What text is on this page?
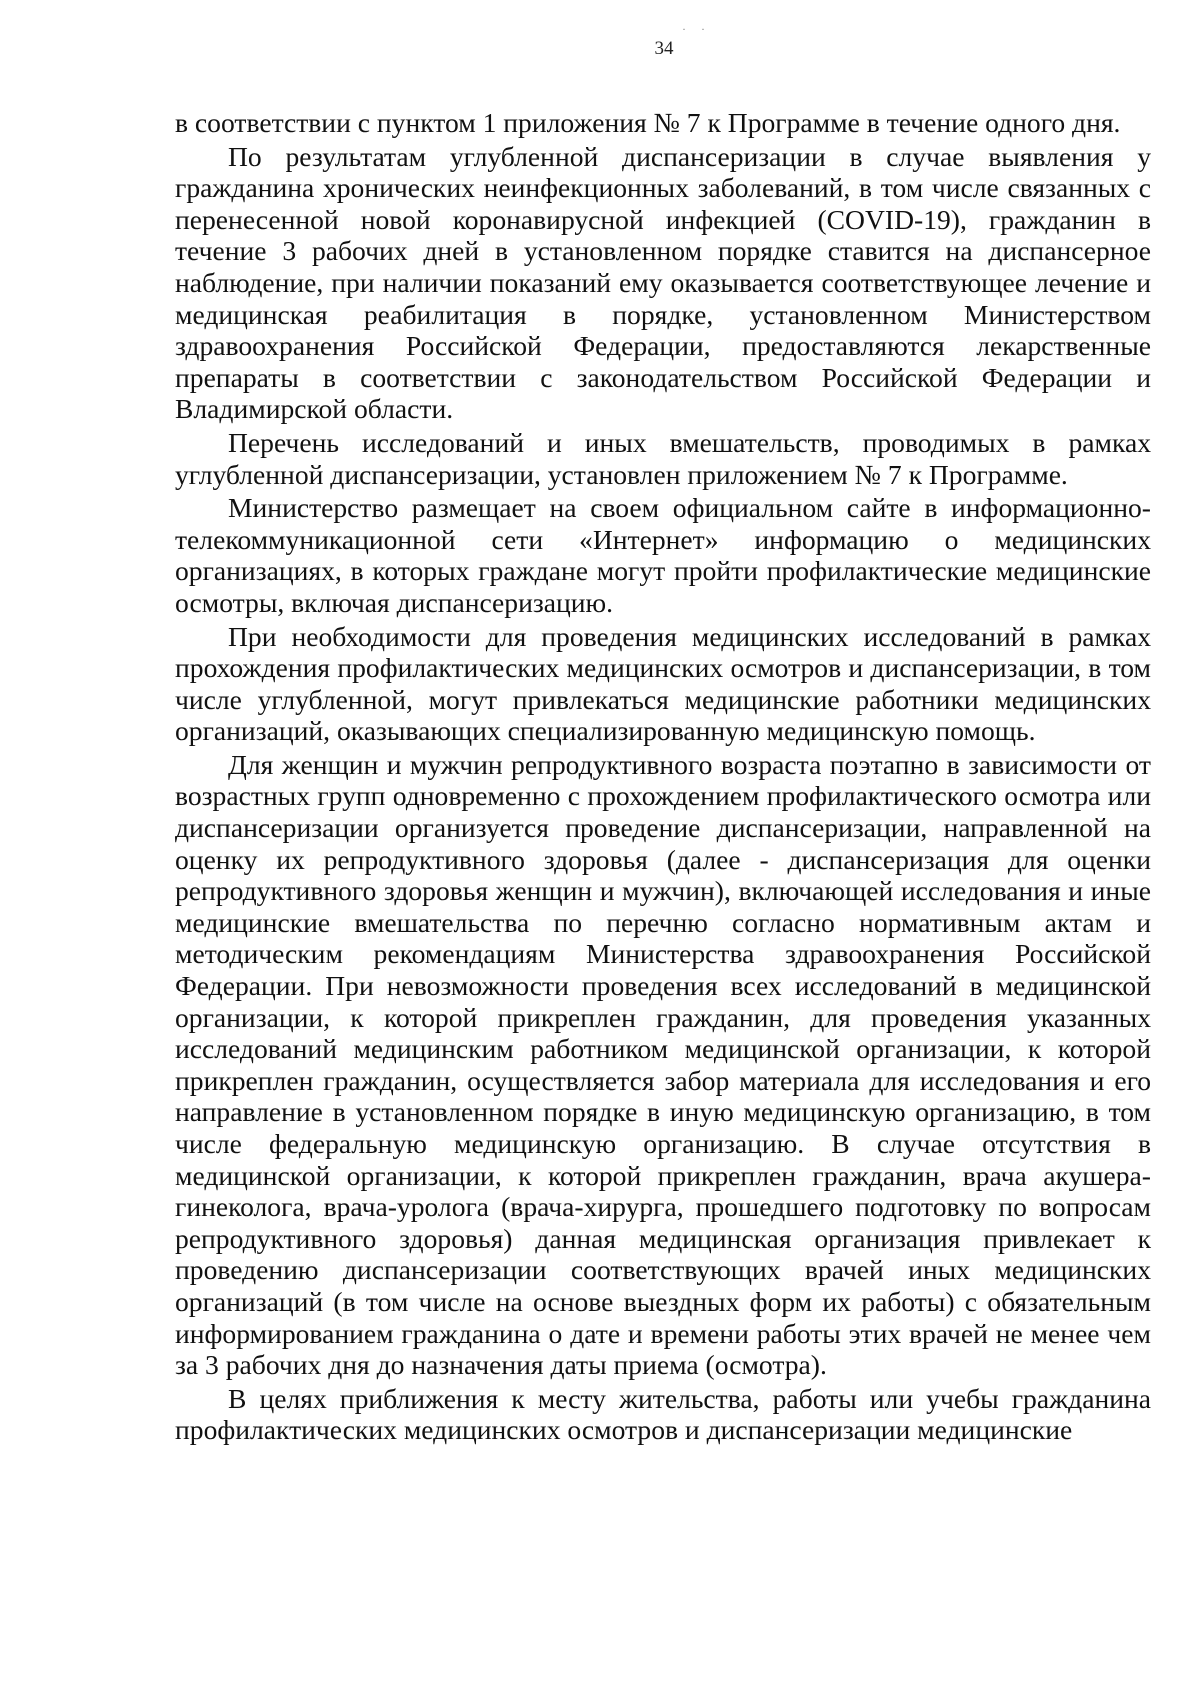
· ·
34

в соответствии с пунктом 1 приложения № 7 к Программе в течение одного дня.

По результатам углубленной диспансеризации в случае выявления у гражданина хронических неинфекционных заболеваний, в том числе связанных с перенесенной новой коронавирусной инфекцией (COVID-19), гражданин в течение 3 рабочих дней в установленном порядке ставится на диспансерное наблюдение, при наличии показаний ему оказывается соответствующее лечение и медицинская реабилитация в порядке, установленном Министерством здравоохранения Российской Федерации, предоставляются лекарственные препараты в соответствии с законодательством Российской Федерации и Владимирской области.

Перечень исследований и иных вмешательств, проводимых в рамках углубленной диспансеризации, установлен приложением № 7 к Программе.

Министерство размещает на своем официальном сайте в информационно-телекоммуникационной сети «Интернет» информацию о медицинских организациях, в которых граждане могут пройти профилактические медицинские осмотры, включая диспансеризацию.

При необходимости для проведения медицинских исследований в рамках прохождения профилактических медицинских осмотров и диспансеризации, в том числе углубленной, могут привлекаться медицинские работники медицинских организаций, оказывающих специализированную медицинскую помощь.

Для женщин и мужчин репродуктивного возраста поэтапно в зависимости от возрастных групп одновременно с прохождением профилактического осмотра или диспансеризации организуется проведение диспансеризации, направленной на оценку их репродуктивного здоровья (далее - диспансеризация для оценки репродуктивного здоровья женщин и мужчин), включающей исследования и иные медицинские вмешательства по перечню согласно нормативным актам и методическим рекомендациям Министерства здравоохранения Российской Федерации. При невозможности проведения всех исследований в медицинской организации, к которой прикреплен гражданин, для проведения указанных исследований медицинским работником медицинской организации, к которой прикреплен гражданин, осуществляется забор материала для исследования и его направление в установленном порядке в иную медицинскую организацию, в том числе федеральную медицинскую организацию. В случае отсутствия в медицинской организации, к которой прикреплен гражданин, врача акушера-гинеколога, врача-уролога (врача-хирурга, прошедшего подготовку по вопросам репродуктивного здоровья) данная медицинская организация привлекает к проведению диспансеризации соответствующих врачей иных медицинских организаций (в том числе на основе выездных форм их работы) с обязательным информированием гражданина о дате и времени работы этих врачей не менее чем за 3 рабочих дня до назначения даты приема (осмотра).

В целях приближения к месту жительства, работы или учебы гражданина профилактических медицинских осмотров и диспансеризации медицинские
